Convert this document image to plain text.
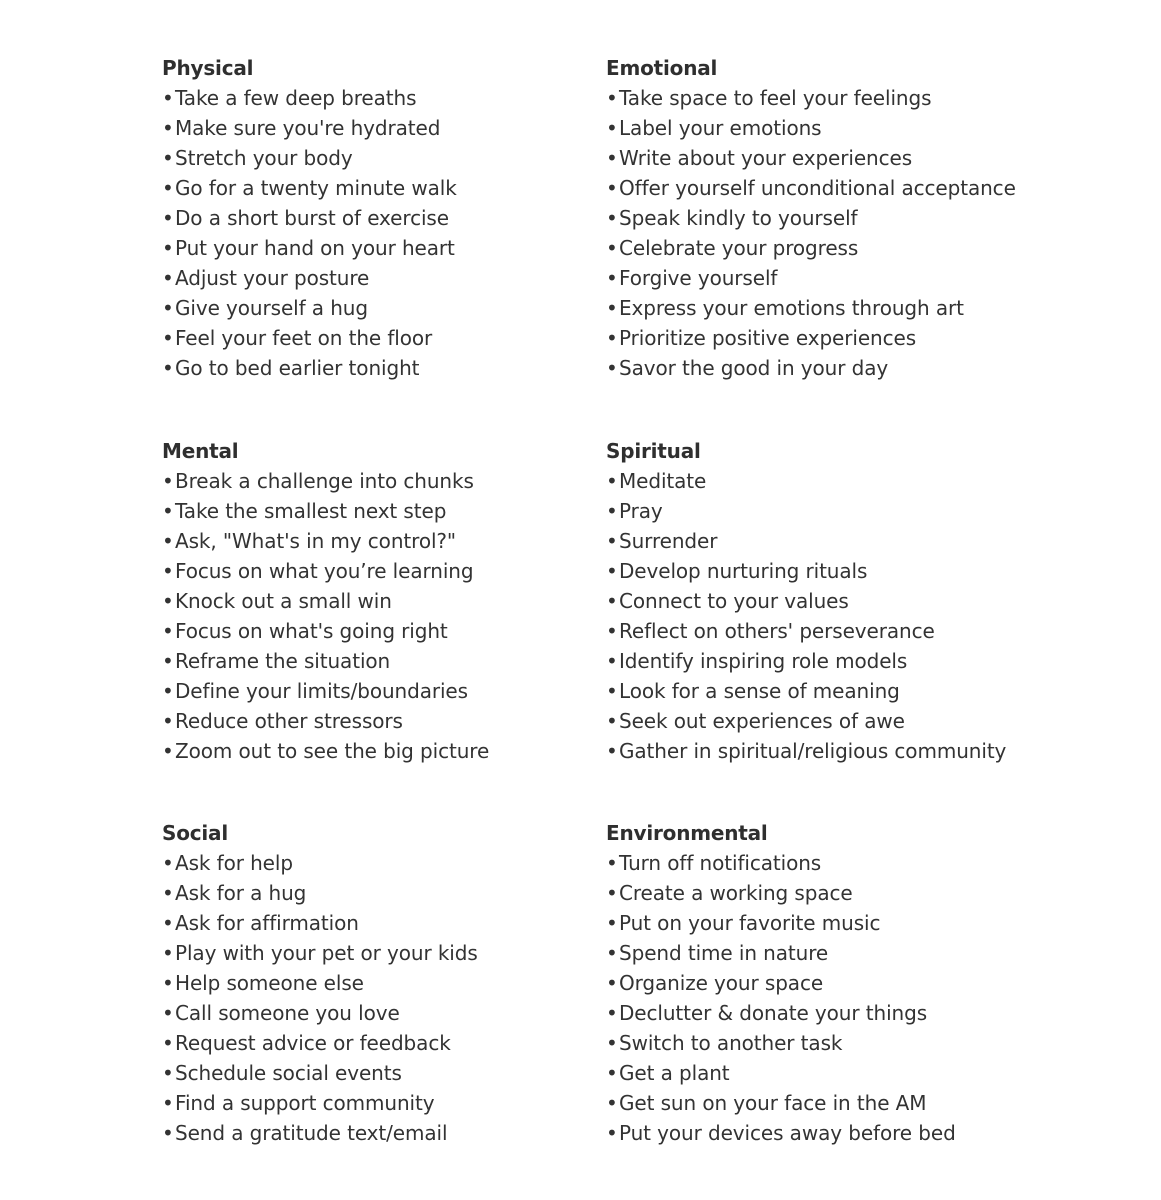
Physical
•Take a few deep breaths
•Make sure you're hydrated
•Stretch your body
•Go for a twenty minute walk
•Do a short burst of exercise
•Put your hand on your heart
•Adjust your posture
•Give yourself a hug
•Feel your feet on the floor
•Go to bed earlier tonight
Emotional
•Take space to feel your feelings
•Label your emotions
•Write about your experiences
•Offer yourself unconditional acceptance
•Speak kindly to yourself
•Celebrate your progress
•Forgive yourself
•Express your emotions through art
•Prioritize positive experiences
•Savor the good in your day
Mental
•Break a challenge into chunks
•Take the smallest next step
•Ask, "What's in my control?"
•Focus on what you’re learning
•Knock out a small win
•Focus on what's going right
•Reframe the situation
•Define your limits/boundaries
•Reduce other stressors
•Zoom out to see the big picture
Spiritual
•Meditate
•Pray
•Surrender
•Develop nurturing rituals
•Connect to your values
•Reflect on others' perseverance
•Identify inspiring role models
•Look for a sense of meaning
•Seek out experiences of awe
•Gather in spiritual/religious community
Social
•Ask for help
•Ask for a hug
•Ask for affirmation
•Play with your pet or your kids
•Help someone else
•Call someone you love
•Request advice or feedback
•Schedule social events
•Find a support community
•Send a gratitude text/email
Environmental
•Turn off notifications
•Create a working space
•Put on your favorite music
•Spend time in nature
•Organize your space
•Declutter & donate your things
•Switch to another task
•Get a plant
•Get sun on your face in the AM
•Put your devices away before bed
